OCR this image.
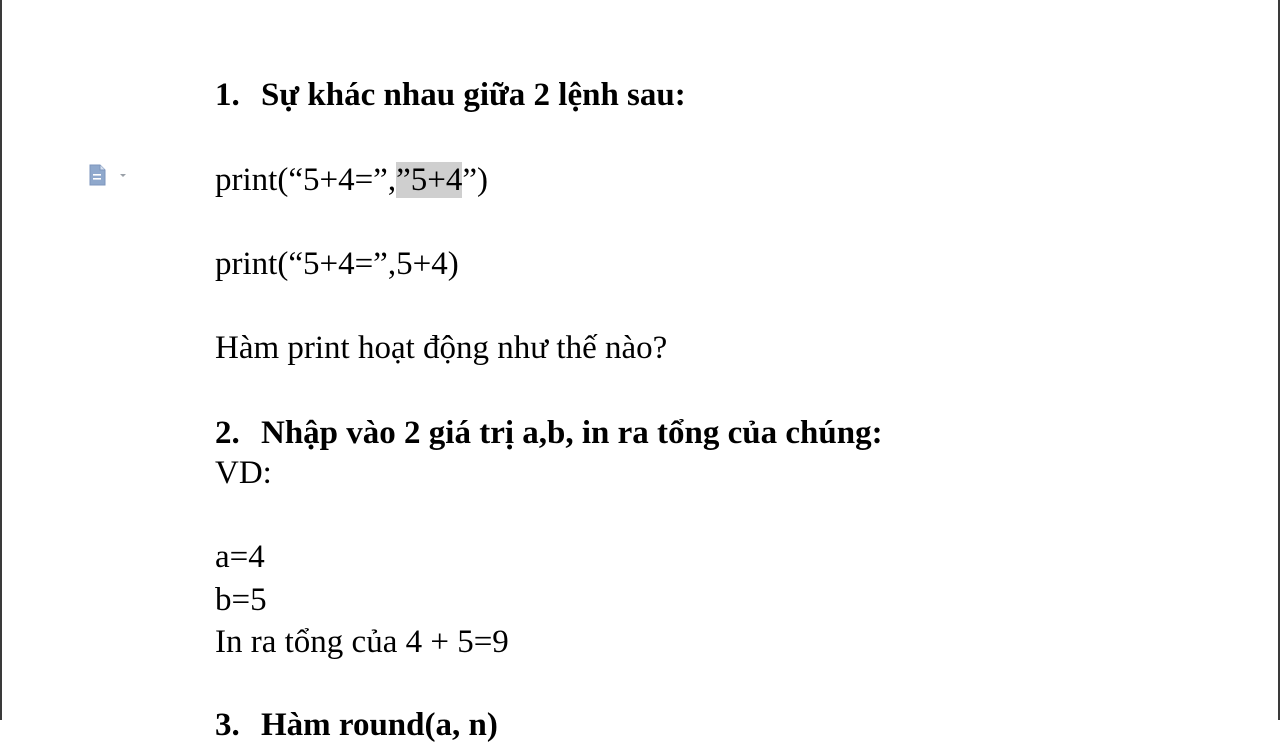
1. Sự khác nhau giữa 2 lệnh sau:
print(“5+4=”,”5+4”)
print(“5+4=”,5+4)
Hàm print hoạt động như thế nào?
2. Nhập vào 2 giá trị a,b, in ra tổng của chúng:
VD:
a=4
b=5
In ra tổng của 4 + 5=9
3. Hàm round(a, n)
